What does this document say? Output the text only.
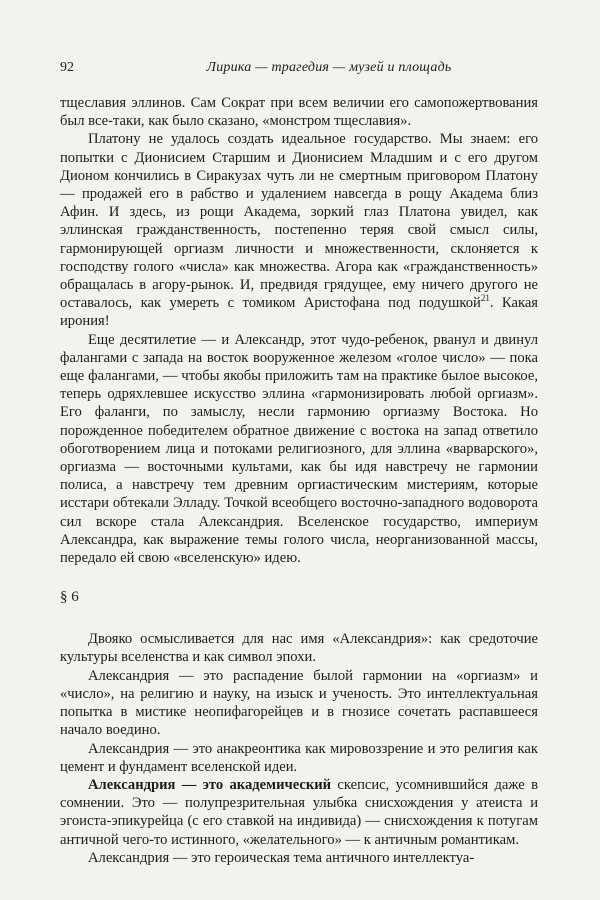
92	Лирика — трагедия — музей и площадь

тщеславия эллинов. Сам Сократ при всем величии его самопожертвования был все-таки, как было сказано, «монстром тщеславия».

Платону не удалось создать идеальное государство. Мы знаем: его попытки с Дионисием Старшим и Дионисием Младшим и с его другом Дионом кончились в Сиракузах чуть ли не смертным приговором Платону — продажей его в рабство и удалением навсегда в рощу Академа близ Афин. И здесь, из рощи Академа, зоркий глаз Платона увидел, как эллинская гражданственность, постепенно теряя свой смысл силы, гармонирующей оргиазм личности и множественности, склоняется к господству голого «числа» как множества. Агора как «гражданственность» обращалась в агору-рынок. И, предвидя грядущее, ему ничего другого не оставалось, как умереть с томиком Аристофана под подушкой$^{21}$. Какая ирония!

Еще десятилетие — и Александр, этот чудо-ребенок, рванул и двинул фалангами с запада на восток вооруженное железом «голое число» — пока еще фалангами, — чтобы якобы приложить там на практике былое высокое, теперь одряхлевшее искусство эллина «гармонизировать любой оргиазм». Его фаланги, по замыслу, несли гармонию оргиазму Востока. Но порожденное победителем обратное движение с востока на запад ответило обоготворением лица и потоками религиозного, для эллина «варварского», оргиазма — восточными культами, как бы идя навстречу не гармонии полиса, а навстречу тем древним оргиастическим мистериям, которые исстари обтекали Элладу. Точкой всеобщего восточно-западного водоворота сил вскоре стала Александрия. Вселенское государство, империум Александра, как выражение темы голого числа, неорганизованной массы, передало ей свою «вселенскую» идею.

§ 6

Двояко осмысливается для нас имя «Александрия»: как средоточие культуры вселенства и как символ эпохи.

Александрия — это распадение былой гармонии на «оргиазм» и «число», на религию и науку, на изыск и ученость. Это интеллектуальная попытка в мистике неопифагорейцев и в гнозисе сочетать распавшееся начало воедино.

Александрия — это анакреонтика как мировоззрение и это религия как цемент и фундамент вселенской идеи.

Александрия — это академический скепсис, усомнившийся даже в сомнении. Это — полупрезрительная улыбка снисхождения у атеиста и эгоиста-эпикурейца (с его ставкой на индивида) — снисхождения к потугам античной чего-то истинного, «желательного» — к античным романтикам.

Александрия — это героическая тема античного интеллектуа-
